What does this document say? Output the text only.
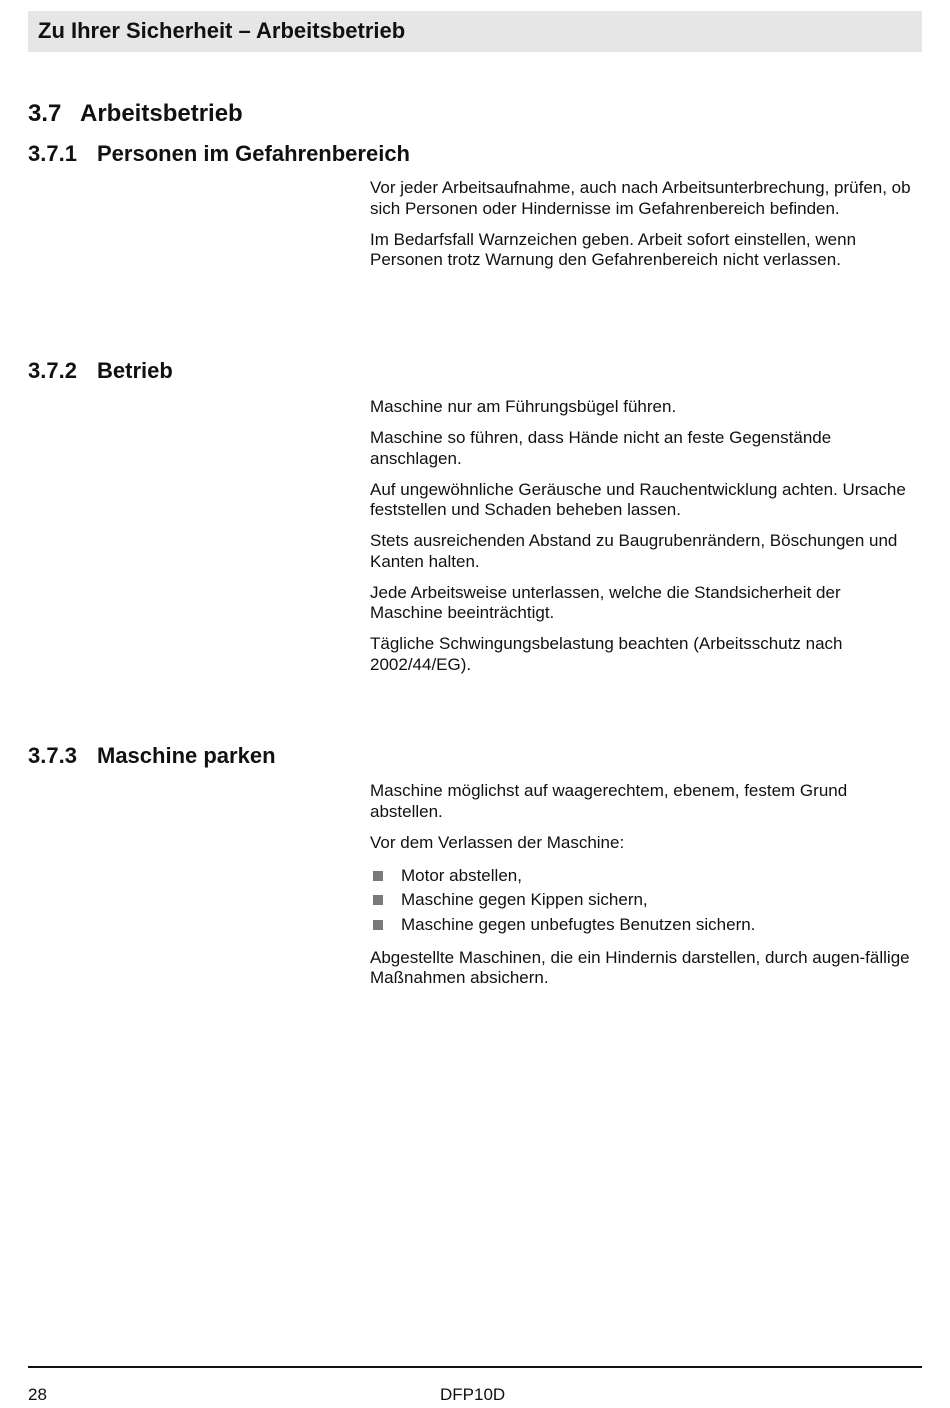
Zu Ihrer Sicherheit – Arbeitsbetrieb
3.7 Arbeitsbetrieb
3.7.1 Personen im Gefahrenbereich

Vor jeder Arbeitsaufnahme, auch nach Arbeitsunterbrechung, prüfen, ob sich Personen oder Hindernisse im Gefahrenbereich befinden.

Im Bedarfsfall Warnzeichen geben. Arbeit sofort einstellen, wenn Personen trotz Warnung den Gefahrenbereich nicht verlassen.

3.7.2 Betrieb

Maschine nur am Führungsbügel führen.

Maschine so führen, dass Hände nicht an feste Gegenstände anschlagen.

Auf ungewöhnliche Geräusche und Rauchentwicklung achten. Ursache feststellen und Schaden beheben lassen.

Stets ausreichenden Abstand zu Baugrubenrändern, Böschungen und Kanten halten.

Jede Arbeitsweise unterlassen, welche die Standsicherheit der Maschine beeinträchtigt.

Tägliche Schwingungsbelastung beachten (Arbeitsschutz nach 2002/44/EG).

3.7.3 Maschine parken

Maschine möglichst auf waagerechtem, ebenem, festem Grund abstellen.

Vor dem Verlassen der Maschine:

Motor abstellen,
Maschine gegen Kippen sichern,
Maschine gegen unbefugtes Benutzen sichern.

Abgestellte Maschinen, die ein Hindernis darstellen, durch augen-fällige Maßnahmen absichern.

28	DFP10D
